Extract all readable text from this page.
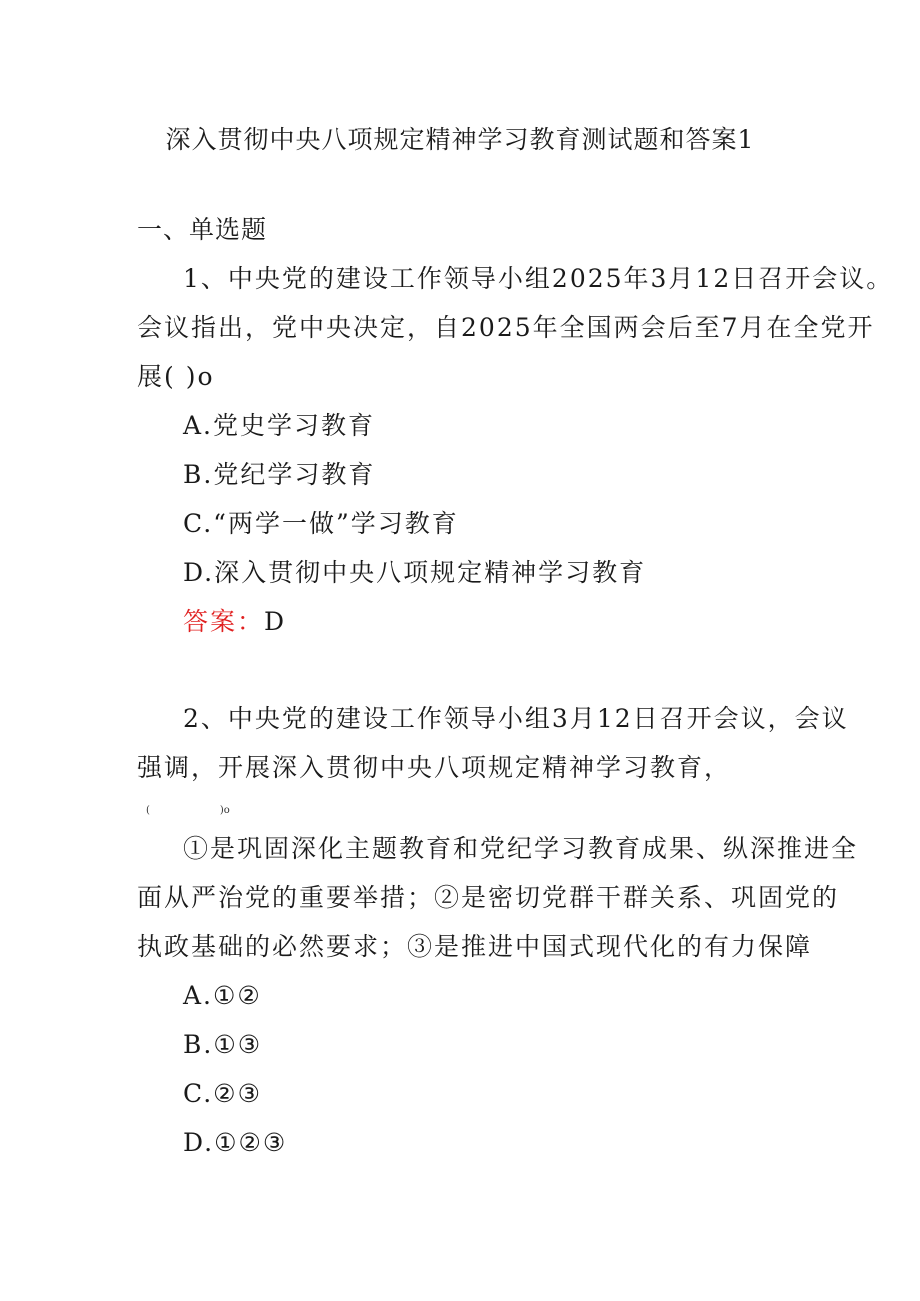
深入贯彻中央八项规定精神学习教育测试题和答案1
一、单选题
1、中央党的建设工作领导小组2025年3月12日召开会议。
会议指出，党中央决定，自2025年全国两会后至7月在全党开
展( )o
A.党史学习教育
B.党纪学习教育
C.“两学一做”学习教育
D.深入贯彻中央八项规定精神学习教育
答案：D
2、中央党的建设工作领导小组3月12日召开会议，会议
强调，开展深入贯彻中央八项规定精神学习教育，
(                      )o
①是巩固深化主题教育和党纪学习教育成果、纵深推进全
面从严治党的重要举措；②是密切党群干群关系、巩固党的
执政基础的必然要求；③是推进中国式现代化的有力保障
A.①②
B.①③
C.②③
D.①②③
